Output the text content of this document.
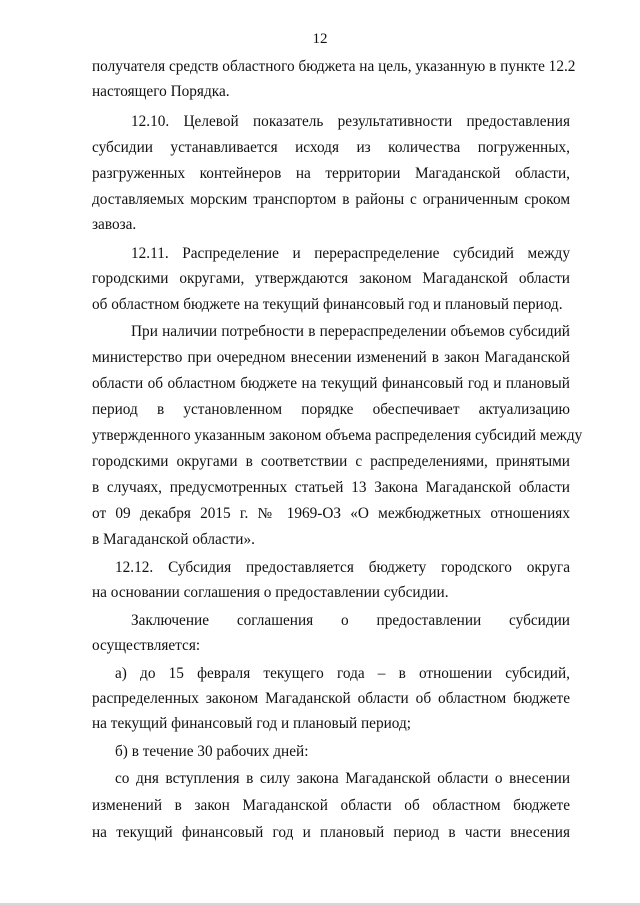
12
получателя средств областного бюджета на цель, указанную в пункте 12.2
настоящего Порядка.
12.10. Целевой показатель результативности предоставления
субсидии устанавливается исходя из количества погруженных,
разгруженных контейнеров на территории Магаданской области,
доставляемых морским транспортом в районы с ограниченным сроком
завоза.
12.11. Распределение и перераспределение субсидий между
городскими округами, утверждаются законом Магаданской области
об областном бюджете на текущий финансовый год и плановый период.
При наличии потребности в перераспределении объемов субсидий
министерство при очередном внесении изменений в закон Магаданской
области об областном бюджете на текущий финансовый год и плановый
период в установленном порядке обеспечивает актуализацию
утвержденного указанным законом объема распределения субсидий между
городскими округами в соответствии с распределениями, принятыми
в случаях, предусмотренных статьей 13 Закона Магаданской области
от 09 декабря 2015 г. № 1969-ОЗ «О межбюджетных отношениях
в Магаданской области».
12.12. Субсидия предоставляется бюджету городского округа
на основании соглашения о предоставлении субсидии.
Заключение соглашения о предоставлении субсидии
осуществляется:
а) до 15 февраля текущего года – в отношении субсидий,
распределенных законом Магаданской области об областном бюджете
на текущий финансовый год и плановый период;
б) в течение 30 рабочих дней:
со дня вступления в силу закона Магаданской области о внесении
изменений в закон Магаданской области об областном бюджете
на текущий финансовый год и плановый период в части внесения
